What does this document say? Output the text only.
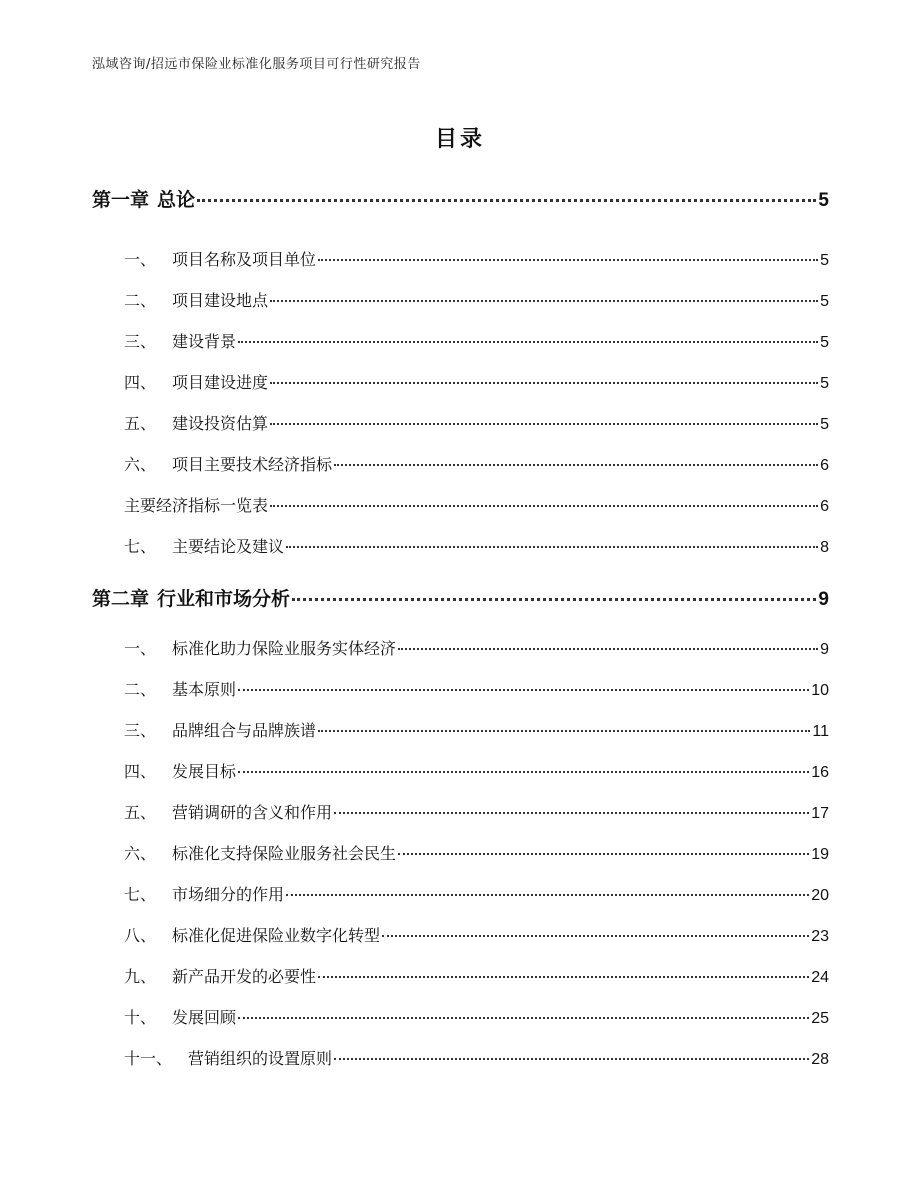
泓域咨询/招远市保险业标准化服务项目可行性研究报告
目录
第一章 总论	5
一、 项目名称及项目单位	5
二、 项目建设地点	5
三、 建设背景	5
四、 项目建设进度	5
五、 建设投资估算	5
六、 项目主要技术经济指标	6
主要经济指标一览表	6
七、 主要结论及建议	8
第二章 行业和市场分析	9
一、 标准化助力保险业服务实体经济	9
二、 基本原则	10
三、 品牌组合与品牌族谱	11
四、 发展目标	16
五、 营销调研的含义和作用	17
六、 标准化支持保险业服务社会民生	19
七、 市场细分的作用	20
八、 标准化促进保险业数字化转型	23
九、 新产品开发的必要性	24
十、 发展回顾	25
十一、 营销组织的设置原则	28
